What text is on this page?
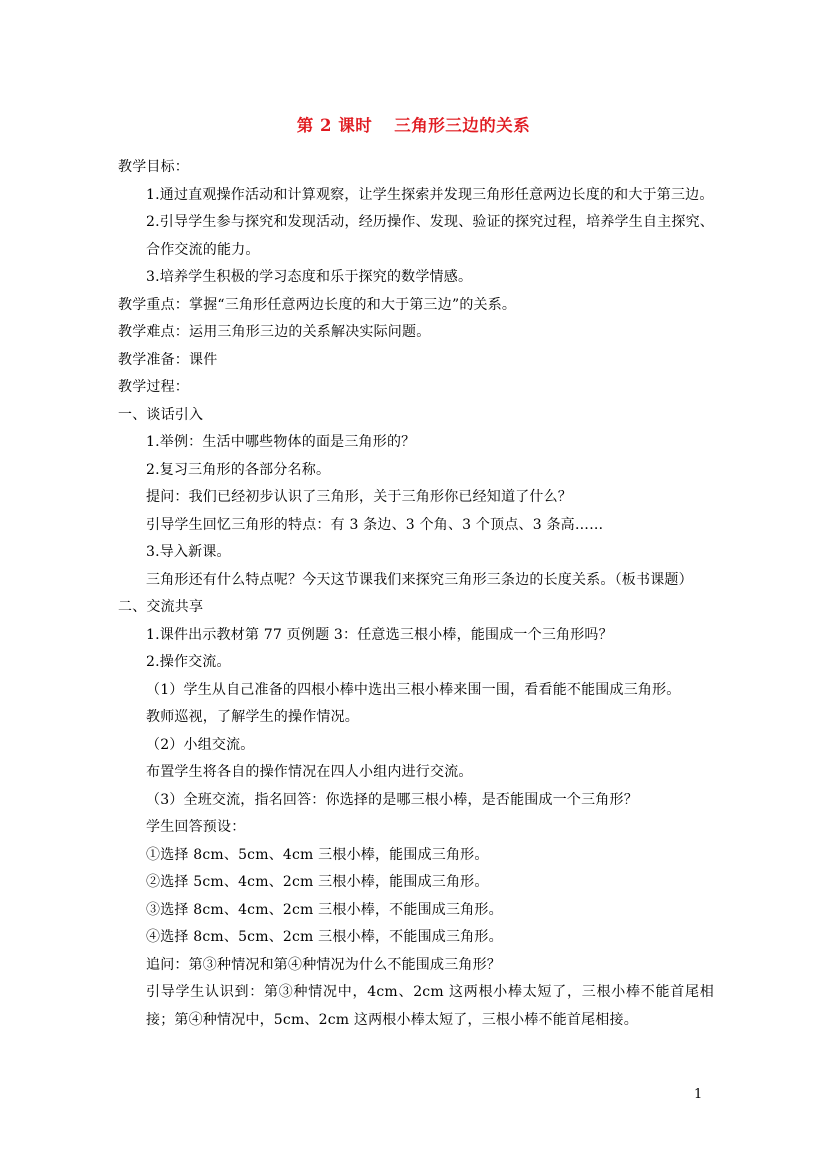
第 2 课时 三角形三边的关系
教学目标：
1.通过直观操作活动和计算观察，让学生探索并发现三角形任意两边长度的和大于第三边。
2.引导学生参与探究和发现活动，经历操作、发现、验证的探究过程，培养学生自主探究、合作交流的能力。
3.培养学生积极的学习态度和乐于探究的数学情感。
教学重点：掌握“三角形任意两边长度的和大于第三边”的关系。
教学难点：运用三角形三边的关系解决实际问题。
教学准备：课件
教学过程：
一、谈话引入
1.举例：生活中哪些物体的面是三角形的？
2.复习三角形的各部分名称。
提问：我们已经初步认识了三角形，关于三角形你已经知道了什么？
引导学生回忆三角形的特点：有 3 条边、3 个角、3 个顶点、3 条高……
3.导入新课。
三角形还有什么特点呢？今天这节课我们来探究三角形三条边的长度关系。（板书课题）
二、交流共享
1.课件出示教材第 77 页例题 3：任意选三根小棒，能围成一个三角形吗？
2.操作交流。
（1）学生从自己准备的四根小棒中选出三根小棒来围一围，看看能不能围成三角形。
教师巡视，了解学生的操作情况。
（2）小组交流。
布置学生将各自的操作情况在四人小组内进行交流。
（3）全班交流，指名回答：你选择的是哪三根小棒，是否能围成一个三角形？
学生回答预设：
①选择 8cm、5cm、4cm 三根小棒，能围成三角形。
②选择 5cm、4cm、2cm 三根小棒，能围成三角形。
③选择 8cm、4cm、2cm 三根小棒，不能围成三角形。
④选择 8cm、5cm、2cm 三根小棒，不能围成三角形。
追问：第③种情况和第④种情况为什么不能围成三角形？
引导学生认识到：第③种情况中，4cm、2cm 这两根小棒太短了，三根小棒不能首尾相接；第④种情况中，5cm、2cm 这两根小棒太短了，三根小棒不能首尾相接。
1
